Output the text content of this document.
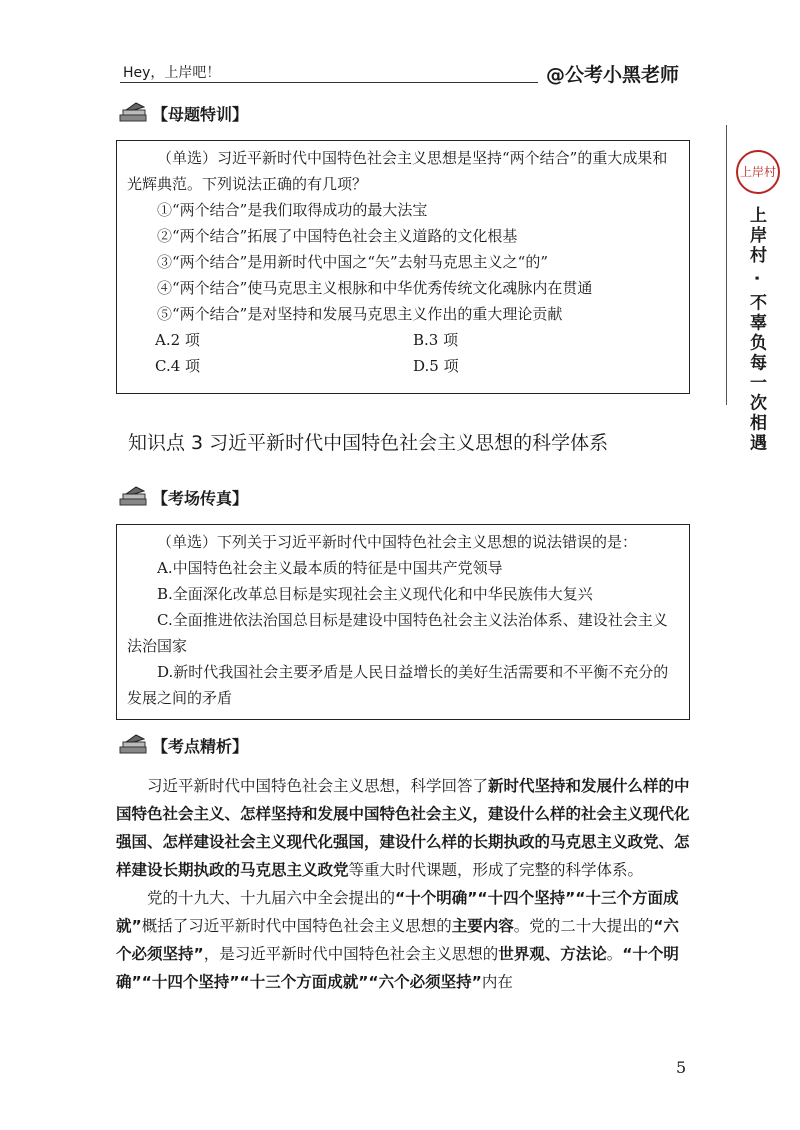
Hey，上岸吧！	@公考小黑老师
上岸村
上岸村 · 不辜负每一次相遇
【母题特训】

（单选）习近平新时代中国特色社会主义思想是坚持“两个结合”的重大成果和光辉典范。下列说法正确的有几项？

①“两个结合”是我们取得成功的最大法宝

②“两个结合”拓展了中国特色社会主义道路的文化根基

③“两个结合”是用新时代中国之“矢”去射马克思主义之“的”

④“两个结合”使马克思主义根脉和中华优秀传统文化魂脉内在贯通

⑤“两个结合”是对坚持和发展马克思主义作出的重大理论贡献

A.2 项	B.3 项
C.4 项	D.5 项
知识点 3 习近平新时代中国特色社会主义思想的科学体系
【考场传真】

（单选）下列关于习近平新时代中国特色社会主义思想的说法错误的是：

A.中国特色社会主义最本质的特征是中国共产党领导

B.全面深化改革总目标是实现社会主义现代化和中华民族伟大复兴

C.全面推进依法治国总目标是建设中国特色社会主义法治体系、建设社会主义法治国家

D.新时代我国社会主要矛盾是人民日益增长的美好生活需要和不平衡不充分的发展之间的矛盾

【考点精析】

习近平新时代中国特色社会主义思想，科学回答了新时代坚持和发展什么样的中国特色社会主义、怎样坚持和发展中国特色社会主义，建设什么样的社会主义现代化强国、怎样建设社会主义现代化强国，建设什么样的长期执政的马克思主义政党、怎样建设长期执政的马克思主义政党等重大时代课题，形成了完整的科学体系。

党的十九大、十九届六中全会提出的“十个明确”“十四个坚持”“十三个方面成就”概括了习近平新时代中国特色社会主义思想的主要内容。党的二十大提出的“六个必须坚持”，是习近平新时代中国特色社会主义思想的世界观、方法论。“十个明确”“十四个坚持”“十三个方面成就”“六个必须坚持”内在

5
